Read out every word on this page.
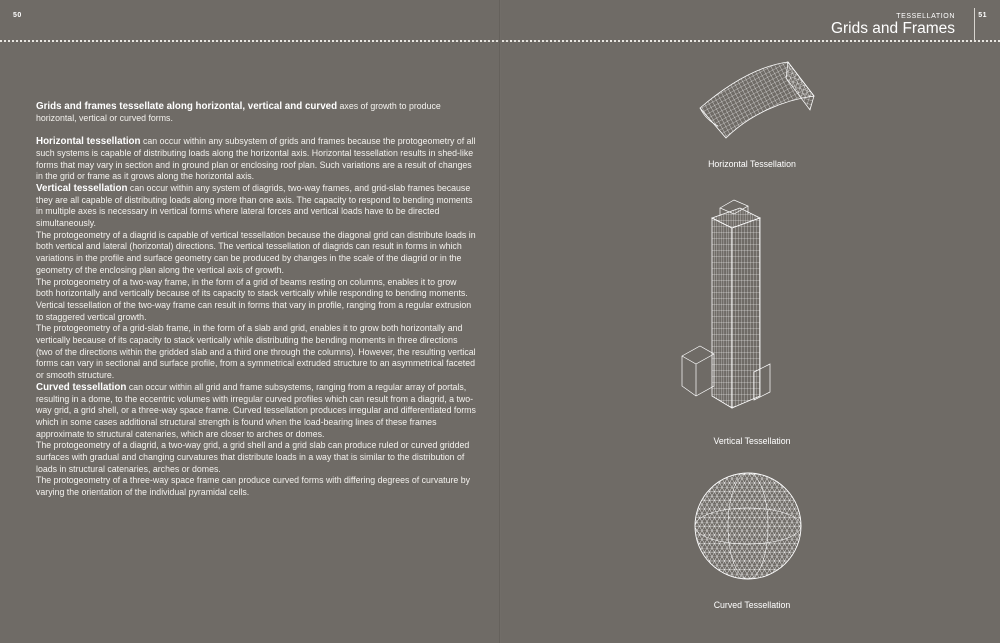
50

Grids and frames tessellate along horizontal, vertical and curved axes of growth to produce horizontal, vertical or curved forms.

Horizontal tessellation can occur within any subsystem of grids and frames because the protogeometry of all such systems is capable of distributing loads along the horizontal axis. Horizontal tessellation results in shed-like forms that may vary in section and in ground plan or enclosing roof plan. Such variations are a result of changes in the grid or frame as it grows along the horizontal axis.

Vertical tessellation can occur within any system of diagrids, two-way frames, and grid-slab frames because they are all capable of distributing loads along more than one axis. The capacity to respond to bending moments in multiple axes is necessary in vertical forms where lateral forces and vertical loads have to be directed simultaneously.

The protogeometry of a diagrid is capable of vertical tessellation because the diagonal grid can distribute loads in both vertical and lateral (horizontal) directions. The vertical tessellation of diagrids can result in forms in which variations in the profile and surface geometry can be produced by changes in the scale of the diagrid or in the geometry of the enclosing plan along the vertical axis of growth.

The protogeometry of a two-way frame, in the form of a grid of beams resting on columns, enables it to grow both horizontally and vertically because of its capacity to stack vertically while responding to bending moments. Vertical tessellation of the two-way frame can result in forms that vary in profile, ranging from a regular extrusion to staggered vertical growth.

The protogeometry of a grid-slab frame, in the form of a slab and grid, enables it to grow both horizontally and vertically because of its capacity to stack vertically while distributing the bending moments in three directions (two of the directions within the gridded slab and a third one through the columns). However, the resulting vertical forms can vary in sectional and surface profile, from a symmetrical extruded structure to an asymmetrical faceted or smooth structure.

Curved tessellation can occur within all grid and frame subsystems, ranging from a regular array of portals, resulting in a dome, to the eccentric volumes with irregular curved profiles which can result from a diagrid, a two-way grid, a grid shell, or a three-way space frame. Curved tessellation produces irregular and differentiated forms which in some cases additional structural strength is found when the load-bearing lines of these frames approximate to structural catenaries, which are closer to arches or domes.

The protogeometry of a diagrid, a two-way grid, a grid shell and a grid slab can produce ruled or curved gridded surfaces with gradual and changing curvatures that distribute loads in a way that is similar to the distribution of loads in structural catenaries, arches or domes.

The protogeometry of a three-way space frame can produce curved forms with differing degrees of curvature by varying the orientation of the individual pyramidal cells.

TESSELLATION
Grids and Frames
51
Horizontal Tessellation
Vertical Tessellation
Curved Tessellation
